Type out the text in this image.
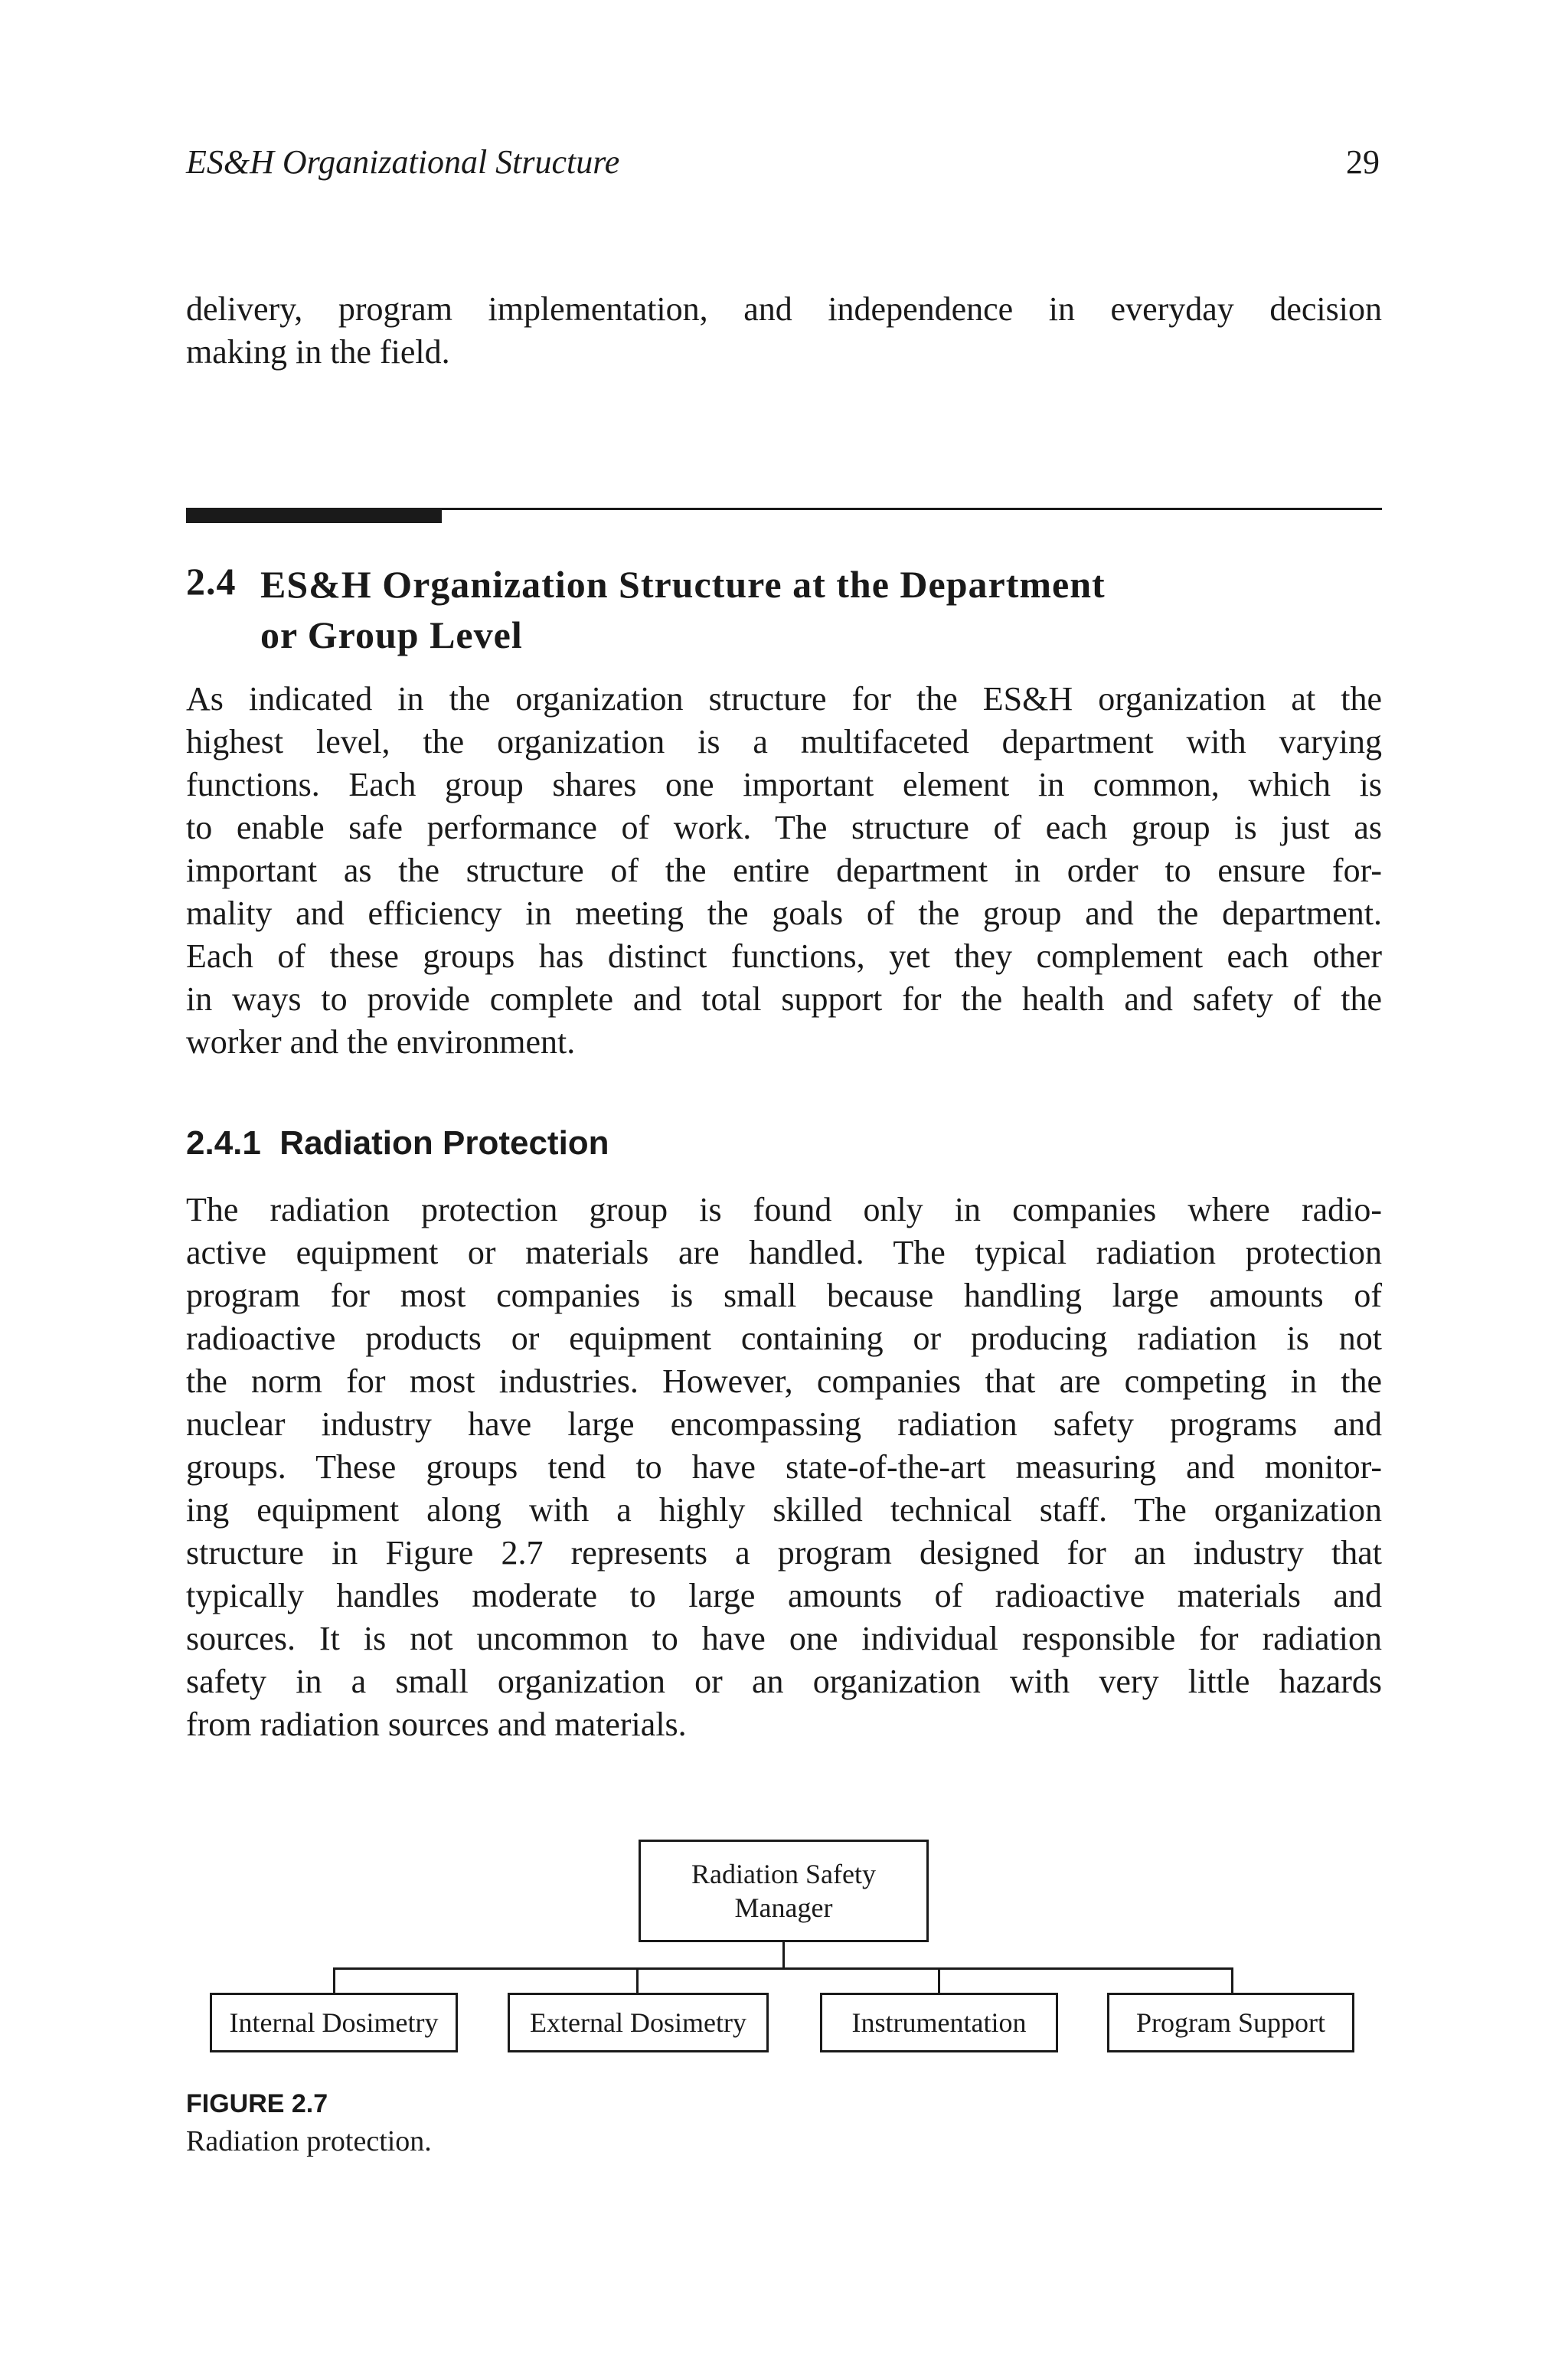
ES&H Organizational Structure	29
delivery, program implementation, and independence in everyday decision
making in the field.
2.4 ES&H Organization Structure at the Department
or Group Level
As indicated in the organization structure for the ES&H organization at the
highest level, the organization is a multifaceted department with varying
functions. Each group shares one important element in common, which is
to enable safe performance of work. The structure of each group is just as
important as the structure of the entire department in order to ensure for-
mality and efficiency in meeting the goals of the group and the department.
Each of these groups has distinct functions, yet they complement each other
in ways to provide complete and total support for the health and safety of the
worker and the environment.
2.4.1  Radiation Protection
The radiation protection group is found only in companies where radio-
active equipment or materials are handled. The typical radiation protection
program for most companies is small because handling large amounts of
radioactive products or equipment containing or producing radiation is not
the norm for most industries. However, companies that are competing in the
nuclear industry have large encompassing radiation safety programs and
groups. These groups tend to have state-of-the-art measuring and monitor-
ing equipment along with a highly skilled technical staff. The organization
structure in Figure 2.7 represents a program designed for an industry that
typically handles moderate to large amounts of radioactive materials and
sources. It is not uncommon to have one individual responsible for radiation
safety in a small organization or an organization with very little hazards
from radiation sources and materials.
Radiation Safety
Manager
Internal Dosimetry	External Dosimetry	Instrumentation	Program Support
FIGURE 2.7
Radiation protection.
